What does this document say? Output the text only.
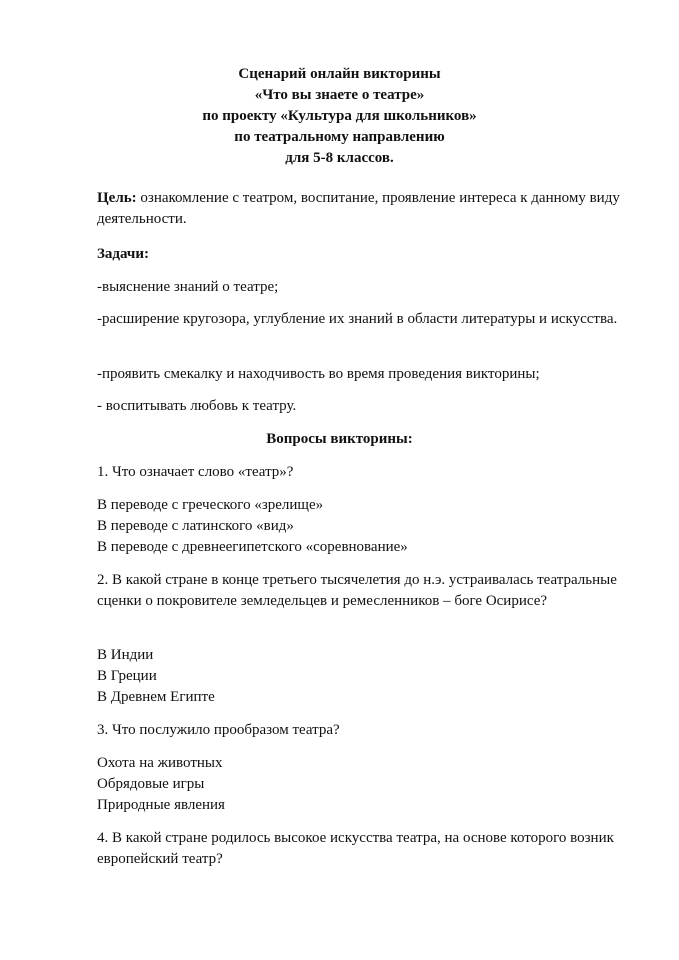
Сценарий онлайн викторины
«Что вы знаете о театре»
по проекту «Культура для школьников»
по театральному направлению
для 5-8 классов.
Цель: ознакомление с театром, воспитание, проявление интереса к данному виду деятельности.
Задачи:
-выяснение знаний о театре;
-расширение кругозора, углубление их знаний в области литературы и искусства.
-проявить смекалку и находчивость во время проведения викторины;
- воспитывать любовь к театру.
Вопросы викторины:
1. Что означает слово «театр»?
В переводе с греческого «зрелище»
В переводе с латинского «вид»
В переводе с древнеегипетского «соревнование»
2. В какой стране в конце третьего тысячелетия до н.э. устраивалась театральные сценки о покровителе земледельцев и ремесленников – боге Осирисе?
В Индии
В Греции
В Древнем Египте
3. Что послужило прообразом театра?
Охота на животных
Обрядовые игры
Природные явления
4. В какой стране родилось высокое искусства театра, на основе которого возник европейский театр?
